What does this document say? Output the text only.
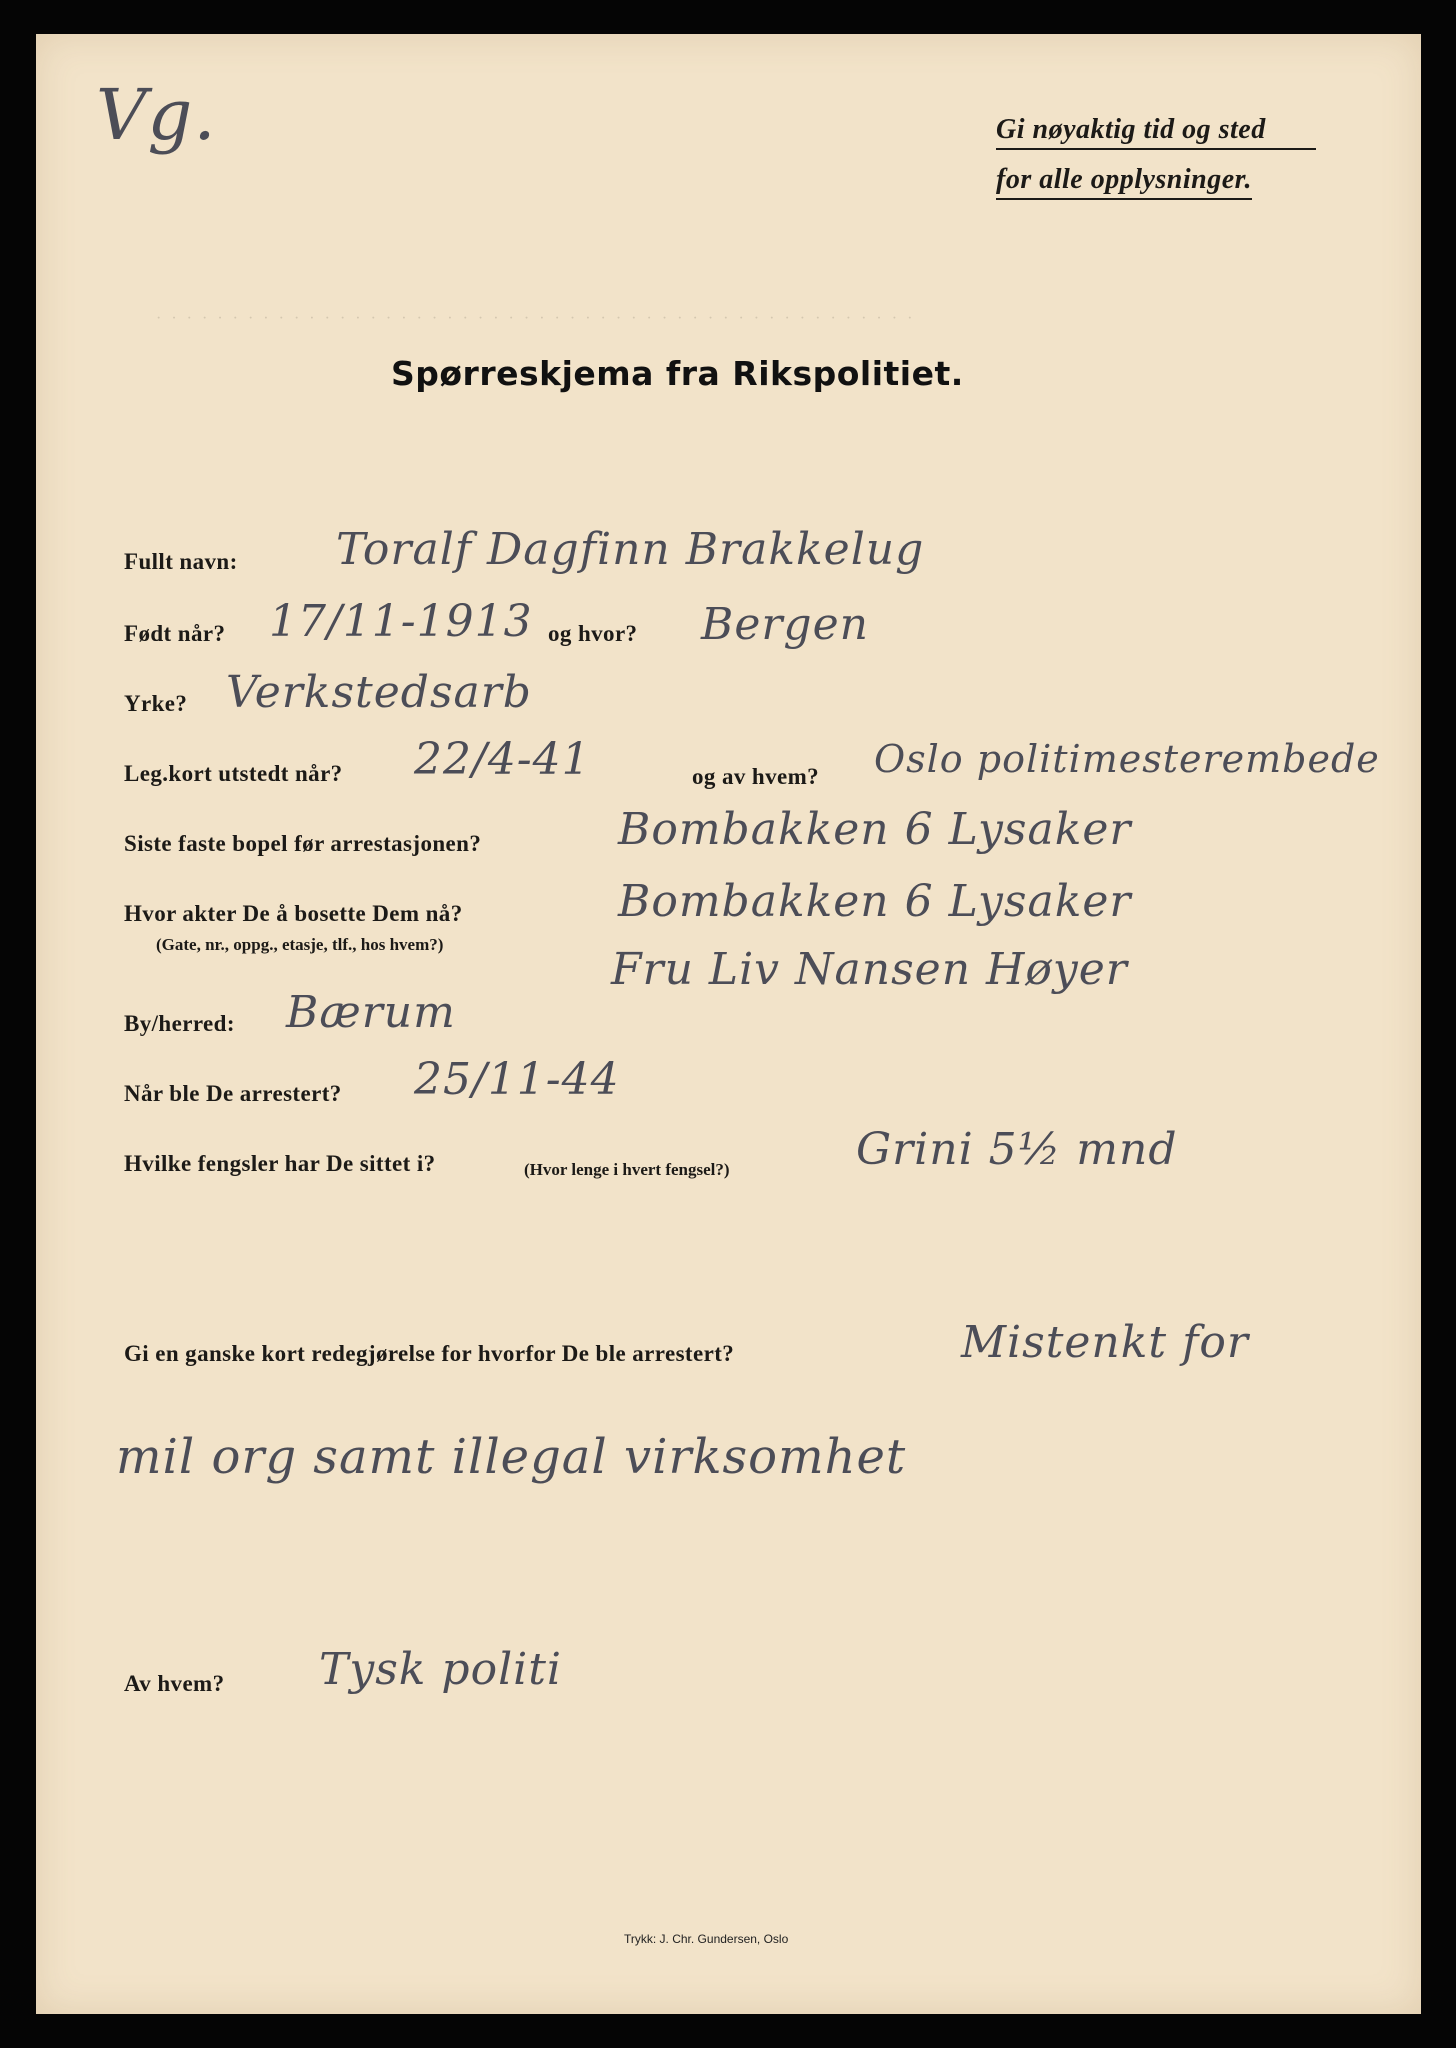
Vg.	Gi nøyaktig tid og sted
for alle opplysninger.
· · · · · · · · · · · · · · · · · · · · · · · · · · · · · · · · · · · · · · · · · · · · · · · · · ·
Spørreskjema fra Rikspolitiet.
Fullt navn: Toralf Dagfinn Brakkelug
Født når? 17/11-1913 og hvor? Bergen
Yrke? Verkstedsarb
Leg.kort utstedt når? 22/4-41	og av hvem? Oslo politimesterembede
Siste faste bopel før arrestasjonen?	Bombakken 6 Lysaker
Hvor akter De å bosette Dem nå?
(Gate, nr., oppg., etasje, tlf., hos hvem?)
Bombakken 6 Lysaker
Fru Liv Nansen Høyer
By/herred: Bærum
Når ble De arrestert? 25/11-44
Hvilke fengsler har De sittet i?	(Hvor lenge i hvert fengsel?)	Grini 5½ mnd
Gi en ganske kort redegjørelse for hvorfor De ble arrestert?	Mistenkt for
mil org samt illegal virksomhet
Av hvem? Tysk politi
Trykk: J. Chr. Gundersen, Oslo
